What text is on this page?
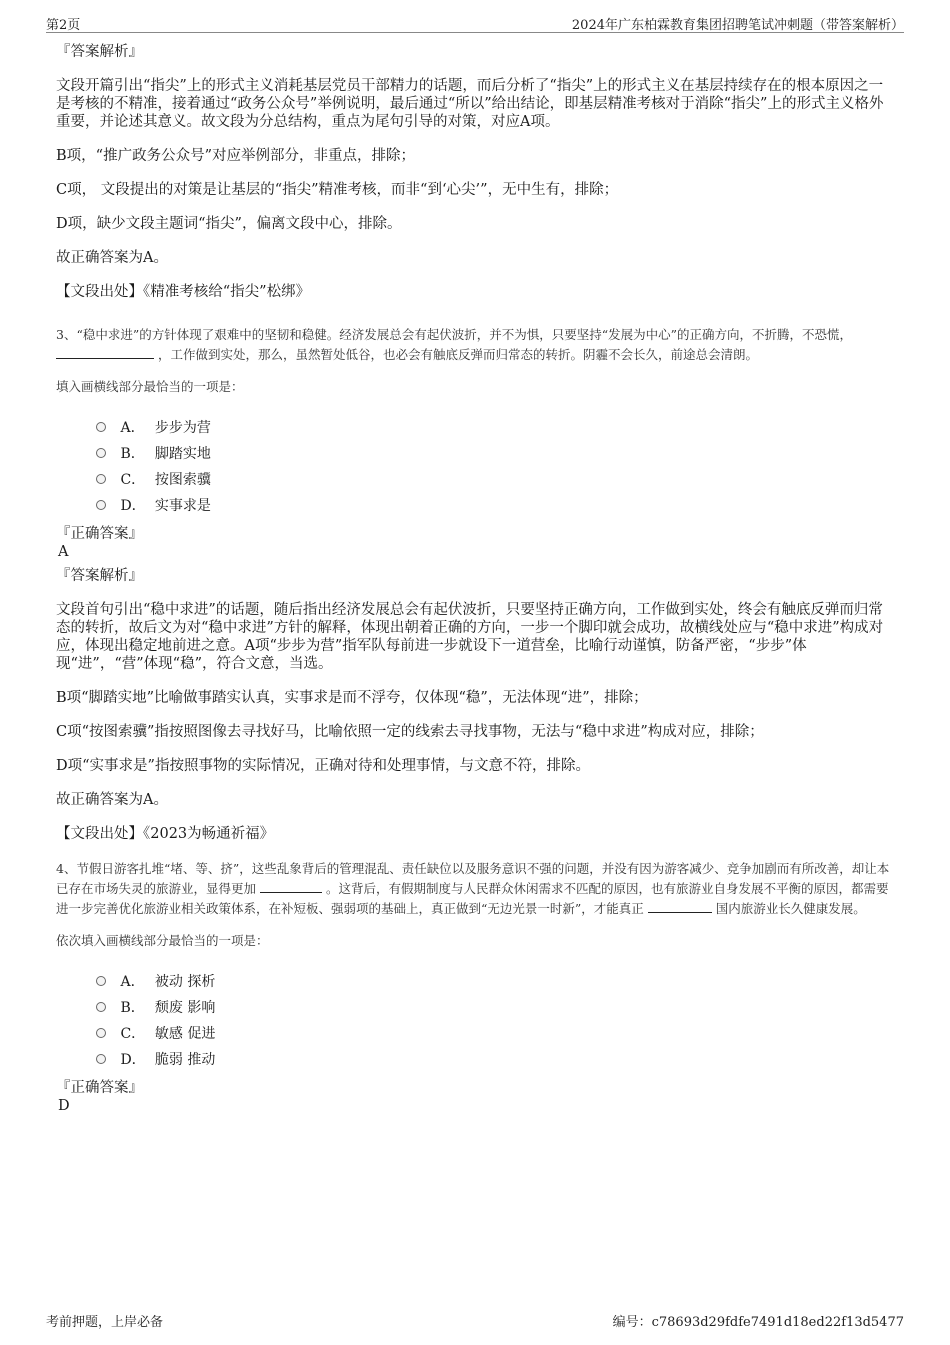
第2页	2024年广东柏霖教育集团招聘笔试冲刺题（带答案解析）

『答案解析』

文段开篇引出“指尖”上的形式主义消耗基层党员干部精力的话题，而后分析了“指尖”上的形式主义在基层持续存在的根本原因之一是考核的不精准，接着通过“政务公众号”举例说明，最后通过“所以”给出结论，即基层精准考核对于消除“指尖”上的形式主义格外重要，并论述其意义。故文段为分总结构，重点为尾句引导的对策，对应A项。

B项，“推广政务公众号”对应举例部分，非重点，排除；

C项， 文段提出的对策是让基层的“指尖”精准考核，而非“到‘心尖’”，无中生有，排除；

D项，缺少文段主题词“指尖”，偏离文段中心，排除。

故正确答案为A。

【文段出处】《精准考核给“指尖”松绑》

3、“稳中求进”的方针体现了艰难中的坚韧和稳健。经济发展总会有起伏波折，并不为惧，只要坚持“发展为中心”的正确方向，不折腾，不恐慌，  ，工作做到实处，那么，虽然暂处低谷，也必会有触底反弹而归常态的转折。阴霾不会长久，前途总会清朗。

填入画横线部分最恰当的一项是：

A． 步步为营
B． 脚踏实地
C． 按图索骥
D． 实事求是

『正确答案』

A

『答案解析』

文段首句引出“稳中求进”的话题，随后指出经济发展总会有起伏波折，只要坚持正确方向，工作做到实处，终会有触底反弹而归常态的转折，故后文为对“稳中求进”方针的解释，体现出朝着正确的方向，一步一个脚印就会成功，故横线处应与“稳中求进”构成对应，体现出稳定地前进之意。A项“步步为营”指军队每前进一步就设下一道营垒，比喻行动谨慎，防备严密，“步步”体现“进”，“营”体现“稳”，符合文意，当选。

B项“脚踏实地”比喻做事踏实认真，实事求是而不浮夸，仅体现“稳”，无法体现“进”，排除；

C项“按图索骥”指按照图像去寻找好马，比喻依照一定的线索去寻找事物，无法与“稳中求进”构成对应，排除；

D项“实事求是”指按照事物的实际情况，正确对待和处理事情，与文意不符，排除。

故正确答案为A。

【文段出处】《2023为畅通祈福》

4、节假日游客扎堆“堵、等、挤”，这些乱象背后的管理混乱、责任缺位以及服务意识不强的问题，并没有因为游客减少、竞争加剧而有所改善，却让本已存在市场失灵的旅游业，显得更加	。这背后，有假期制度与人民群众休闲需求不匹配的原因，也有旅游业自身发展不平衡的原因，都需要进一步完善优化旅游业相关政策体系，在补短板、强弱项的基础上，真正做到“无边光景一时新”，才能真正	国内旅游业长久健康发展。

依次填入画横线部分最恰当的一项是：

A． 被动 探析
B． 颓废 影响
C． 敏感 促进
D． 脆弱 推动

『正确答案』

D

考前押题，上岸必备	编号：c78693d29fdfe7491d18ed22f13d5477
